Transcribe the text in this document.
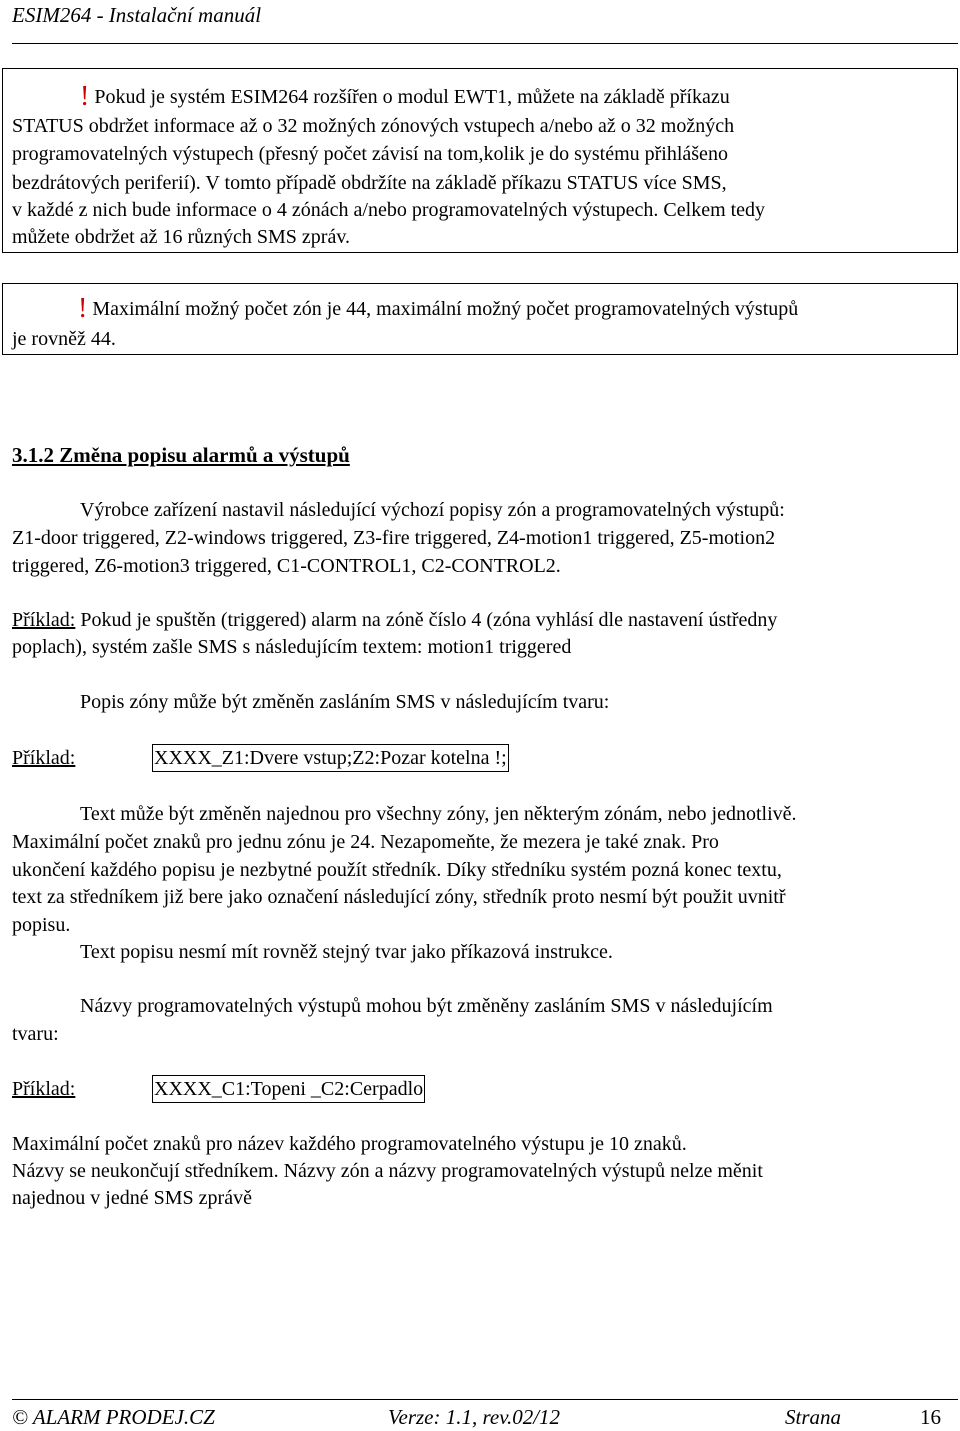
ESIM264 - Instalační manuál
! Pokud je systém ESIM264 rozšířen o modul EWT1, můžete na základě příkazu
STATUS obdržet informace až o 32 možných zónových vstupech a/nebo až o 32 možných
programovatelných výstupech (přesný počet závisí na tom,kolik je do systému přihlášeno
bezdrátových periferií). V tomto případě obdržíte na základě příkazu STATUS více SMS,
v každé z nich bude informace o 4 zónách a/nebo programovatelných výstupech. Celkem tedy
můžete obdržet až 16 různých SMS zpráv.
! Maximální možný počet zón je 44, maximální možný počet programovatelných výstupů
je rovněž 44.
3.1.2 Změna popisu alarmů a výstupů
Výrobce zařízení nastavil následující výchozí popisy zón a programovatelných výstupů:
Z1-door triggered, Z2-windows triggered, Z3-fire triggered, Z4-motion1 triggered, Z5-motion2
triggered, Z6-motion3 triggered, C1-CONTROL1, C2-CONTROL2.
Příklad: Pokud je spuštěn (triggered) alarm na zóně číslo 4 (zóna vyhlásí dle nastavení ústředny
poplach), systém zašle SMS s následujícím textem: motion1 triggered
Popis zóny může být změněn zasláním SMS v následujícím tvaru:
Příklad:	XXXX_Z1:Dvere vstup;Z2:Pozar kotelna !;
Text může být změněn najednou pro všechny zóny, jen některým zónám, nebo jednotlivě.
Maximální počet znaků pro jednu zónu je 24. Nezapomeňte, že mezera je také znak. Pro
ukončení každého popisu je nezbytné použít středník. Díky středníku systém pozná konec textu,
text za středníkem již bere jako označení následující zóny, středník proto nesmí být použit uvnitř
popisu.
Text popisu nesmí mít rovněž stejný tvar jako příkazová instrukce.
Názvy programovatelných výstupů mohou být změněny zasláním SMS v následujícím
tvaru:
Příklad:	XXXX_C1:Topeni _C2:Cerpadlo
Maximální počet znaků pro název každého programovatelného výstupu je 10 znaků.
Názvy se neukončují středníkem. Názvy zón a názvy programovatelných výstupů nelze měnit
najednou v jedné SMS zprávě
© ALARM PRODEJ.CZ	Verze: 1.1, rev.02/12	Strana	16
